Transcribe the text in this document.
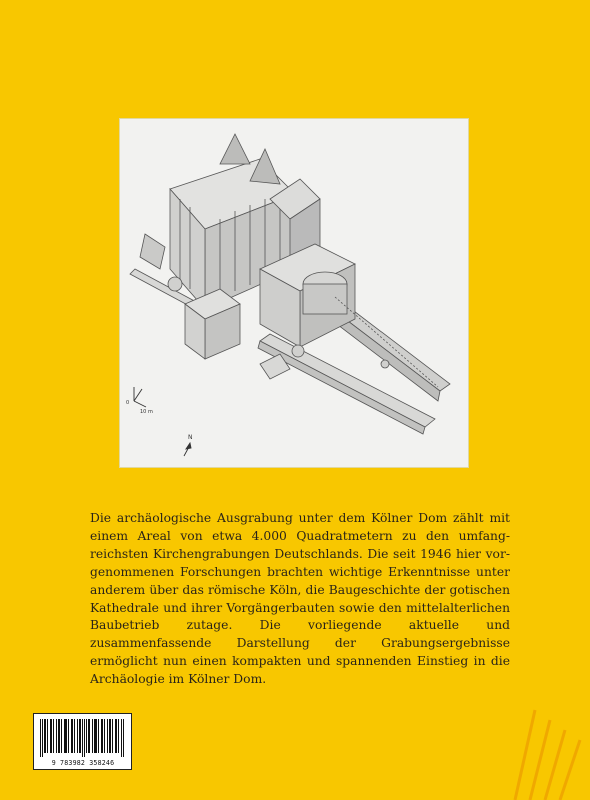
0
10 m
N

Die archäologische Ausgrabung unter dem Kölner Dom zählt mit einem Areal von etwa 4.000 Quadratmetern zu den umfangreichsten Kirchengrabungen Deutschlands. Die seit 1946 hier vorgenommenen Forschungen brachten wichtige Erkenntnisse unter anderem über das römische Köln, die Baugeschichte der gotischen Kathedrale und ihrer Vorgängerbauten sowie den mittelalterlichen Baubetrieb zutage. Die vorliegende aktuelle und zusammenfassende Darstellung der Grabungsergebnisse ermöglicht nun einen kompakten und spannenden Einstieg in die Archäologie im Kölner Dom.

9 783982 358246
